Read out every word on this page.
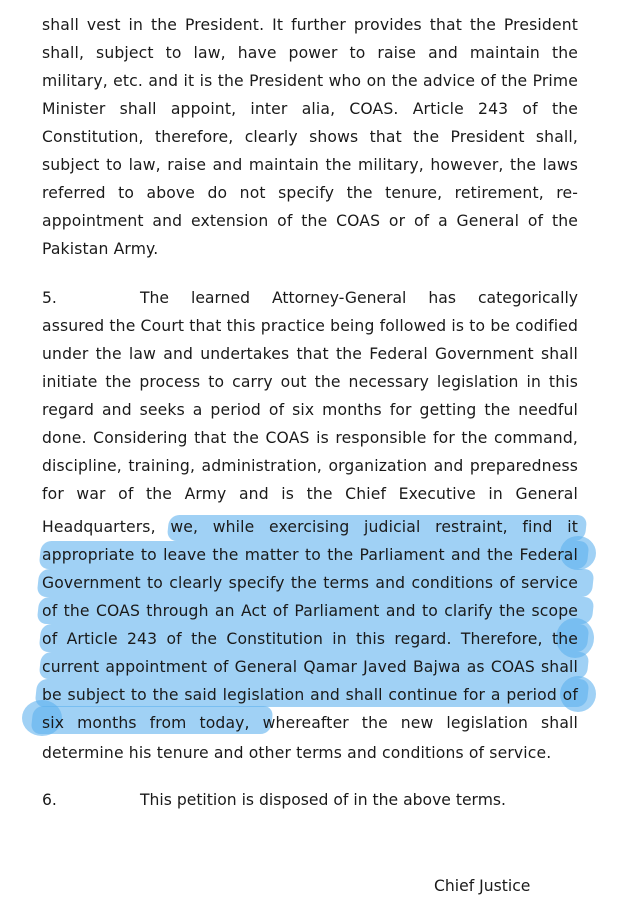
shall vest in the President. It further provides that the President
shall, subject to law, have power to raise and maintain the
military, etc. and it is the President who on the advice of the Prime
Minister shall appoint, inter alia, COAS. Article 243 of the
Constitution, therefore, clearly shows that the President shall,
subject to law, raise and maintain the military, however, the laws
referred to above do not specify the tenure, retirement, re-
appointment and extension of the COAS or of a General of the
Pakistan Army.
5.	The learned Attorney-General has categorically
assured the Court that this practice being followed is to be codified
under the law and undertakes that the Federal Government shall
initiate the process to carry out the necessary legislation in this
regard and seeks a period of six months for getting the needful
done. Considering that the COAS is responsible for the command,
discipline, training, administration, organization and preparedness
for war of the Army and is the Chief Executive in General
Headquarters, we, while exercising judicial restraint, find it
appropriate to leave the matter to the Parliament and the Federal
Government to clearly specify the terms and conditions of service
of the COAS through an Act of Parliament and to clarify the scope
of Article 243 of the Constitution in this regard. Therefore, the
current appointment of General Qamar Javed Bajwa as COAS shall
be subject to the said legislation and shall continue for a period of
six months from today, whereafter the new legislation shall
determine his tenure and other terms and conditions of service.
6.	This petition is disposed of in the above terms.
Chief Justice
